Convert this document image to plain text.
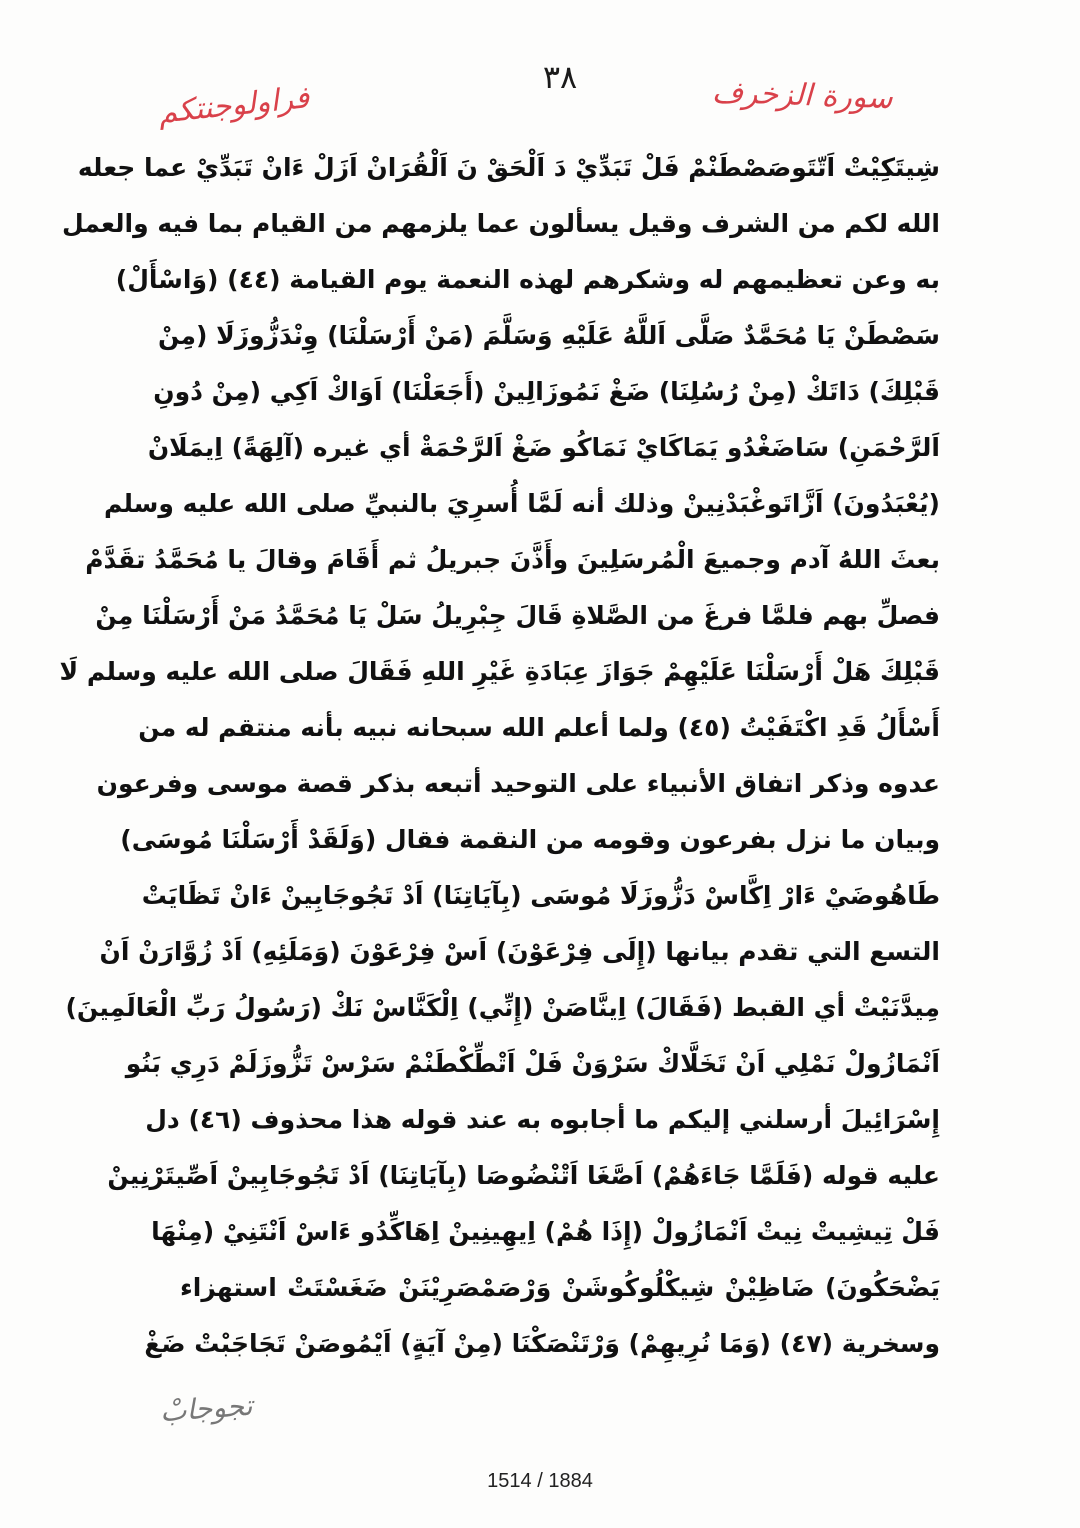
٣٨
فراولوجنتكم	سورة الزخرف
شِيتَكِيْتْ اَتّتَوصَصْطَنْمْ فَلْ تَبَدِّيْ دَ اَلْحَقْ نَ اَلْقُرَانْ اَزَلْ ءَانْ تَبَدِّيْ عما جعله
الله لكم من الشرف وقيل يسألون عما يلزمهم من القيام بما فيه والعمل
به وعن تعظيمهم له وشكرهم لهذه النعمة يوم القيامة (٤٤) (وَاسْأَلْ)
سَصْطَنْ يَا مُحَمَّدٌ صَلَّى اَللَّهُ عَلَيْهِ وَسَلَّمَ (مَنْ أَرْسَلْنَا) وِنْدَزُّوزَلَا (مِنْ
قَبْلِكَ) دَاتَكْ (مِنْ رُسُلِنَا) ضَغْ نَمُوزَالِينْ (أَجَعَلْنَا) اَوَاكْ اَكِي (مِنْ دُونِ
اَلرَّحْمَنِ) سَاضَغْدُو يَمَاكَايْ نَمَاكُو ضَغْ اَلرَّحْمَةْ أي غيره (آلِهَةً) اِيمَلَانْ
(يُعْبَدُونَ) اَزَّاتَوغْبَدْنِينْ وذلك أنه لَمَّا أُسرِيَ بالنبيِّ صلى الله عليه وسلم
بعثَ اللهُ آدم وجميعَ الْمُرسَلِينَ وأَذَّنَ جبريلُ ثم أَقَامَ وقالَ يا مُحَمَّدُ تقَدَّمْ
فصلِّ بهم فلمَّا فرغَ من الصَّلاةِ قَالَ جِبْرِيلُ سَلْ يَا مُحَمَّدُ مَنْ أَرْسَلْنَا مِنْ
قَبْلِكَ هَلْ أَرْسَلْنَا عَلَيْهِمْ جَوَازَ عِبَادَةِ غَيْرِ اللهِ فَقَالَ صلى الله عليه وسلم لَا
أَسْأَلُ قَدِ اكْتَفَيْتُ (٤٥) ولما أعلم الله سبحانه نبيه بأنه منتقم له من
عدوه وذكر اتفاق الأنبياء على التوحيد أتبعه بذكر قصة موسى وفرعون
وبيان ما نزل بفرعون وقومه من النقمة فقال (وَلَقَدْ أَرْسَلْنَا مُوسَى)
طَاهُوضَيْ ءَارْ اِكَّاسْ دَزُّوزَلَا مُوسَى (بِآيَاتِنَا) اَدْ تَجُوجَابِينْ ءَانْ تَظَايَتْ
التسع التي تقدم بيانها (إِلَى فِرْعَوْنَ) اَسْ فِرْعَوْنَ (وَمَلَئِهِ) اَدْ زُوَّارَنْ اَنْ
مِيدَّنَيْتْ أي القبط (فَقَالَ) اِينَّاصَنْ (إِنِّي) اِلْكَنَّاسْ نَكْ (رَسُولُ رَبِّ الْعَالَمِينَ)
اَنْمَازُولْ نَمْلِي اَنْ تَخَلَّاكْ سَرْوَنْ فَلْ اَتْطِّكْطَنْمْ سَرْسْ تَزُّوزَلَمْ دَرِي بَنُو
إِسْرَائِيلَ أرسلني إليكم ما أجابوه به عند قوله هذا محذوف (٤٦) دل
عليه قوله (فَلَمَّا جَاءَهُمْ) اَصَّغَا اَتْنْضُوصَا (بِآيَاتِنَا) اَدْ تَجُوجَابِينْ اَصِّيتَرْنِينْ
فَلْ تِيشِيتْ نِيتْ اَنْمَازُولْ (إِذَا هُمْ) اِيهِينِينْ اِهَاكِّدُو ءَاسْ اَنْتَنِيْ (مِنْهَا
يَضْحَكُونَ) ضَاظِيْنْ شِيكْلُوكُوشَنْ وَرْصَمْصَرِيْنَنْ ضَغَسْتَتْ استهزاء
وسخرية (٤٧) (وَمَا نُرِيهِمْ) وَرْتَنْصَكْنَا (مِنْ آيَةٍ) اَيْمُوصَنْ تَجَاجَبْتْ ضَغْ
تجوجابْ
1514 / 1884
